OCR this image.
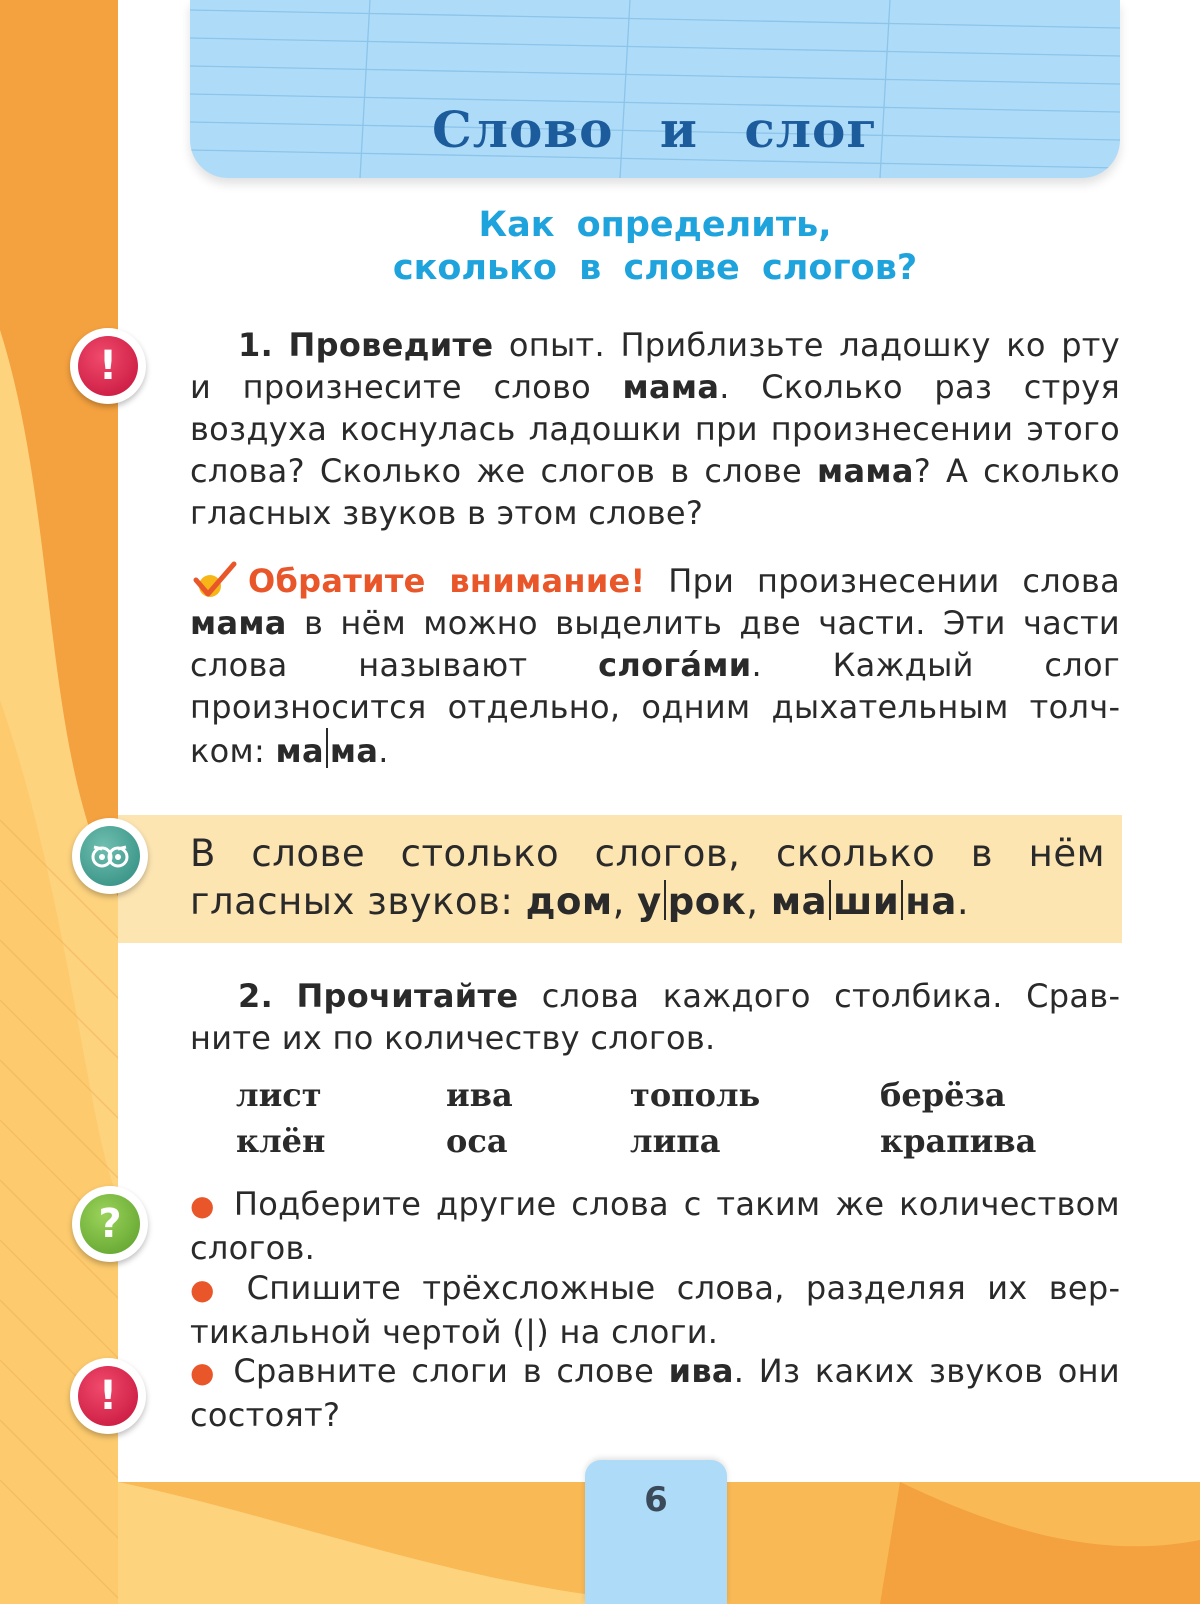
Слово и слог
Как определить,
сколько в слове слогов?
!	1. Проведите опыт. Приблизьте ладошку ко рту и произнесите слово мама. Сколько раз струя воздуха коснулась ладошки при произнесении этого слова? Сколько же слогов в слове мама? А сколько гласных звуков в этом слове?
Обратите внимание! При произнесении слова мама в нём можно выделить две части. Эти части слова называют слога́ми. Каждый слог произносится отдельно, одним дыхательным толчком: ма ма.
В слове столько слогов, сколько в нём гласных звуков: дом, у рок, ма ши на.
2. Прочитайте слова каждого столбика. Сравните их по количеству слогов.
лист
клён
ива
оса
тополь
липа
берёза
крапива
?	● Подберите другие слова с таким же количеством слогов.
● Спишите трёхсложные слова, разделяя их вертикальной чертой (|) на слоги.
!
● Сравните слоги в слове ива. Из каких звуков они состоят?
6
